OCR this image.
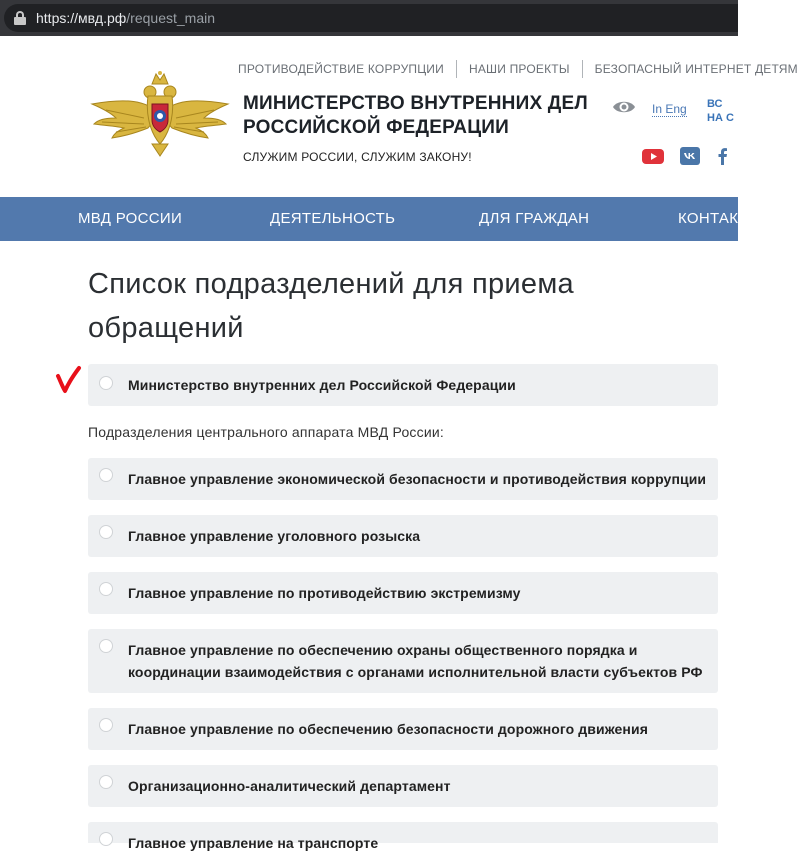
https://мвд.рф/request_main
ПРОТИВОДЕЙСТВИЕ КОРРУПЦИИ НАШИ ПРОЕКТЫ БЕЗОПАСНЫЙ ИНТЕРНЕТ ДЕТЯМ
МИНИСТЕРСТВО ВНУТРЕННИХ ДЕЛ
РОССИЙСКОЙ ФЕДЕРАЦИИ
СЛУЖИМ РОССИИ, СЛУЖИМ ЗАКОНУ!
In Eng ВС
НА С
МВД РОССИИ	ДЕЯТЕЛЬНОСТЬ	ДЛЯ ГРАЖДАН	КОНТАКТ
Список подразделений для приема
обращений
Министерство внутренних дел Российской Федерации
Подразделения центрального аппарата МВД России:
Главное управление экономической безопасности и противодействия коррупции
Главное управление уголовного розыска
Главное управление по противодействию экстремизму
Главное управление по обеспечению охраны общественного порядка и
координации взаимодействия с органами исполнительной власти субъектов РФ
Главное управление по обеспечению безопасности дорожного движения
Организационно-аналитический департамент
Главное управление на транспорте
